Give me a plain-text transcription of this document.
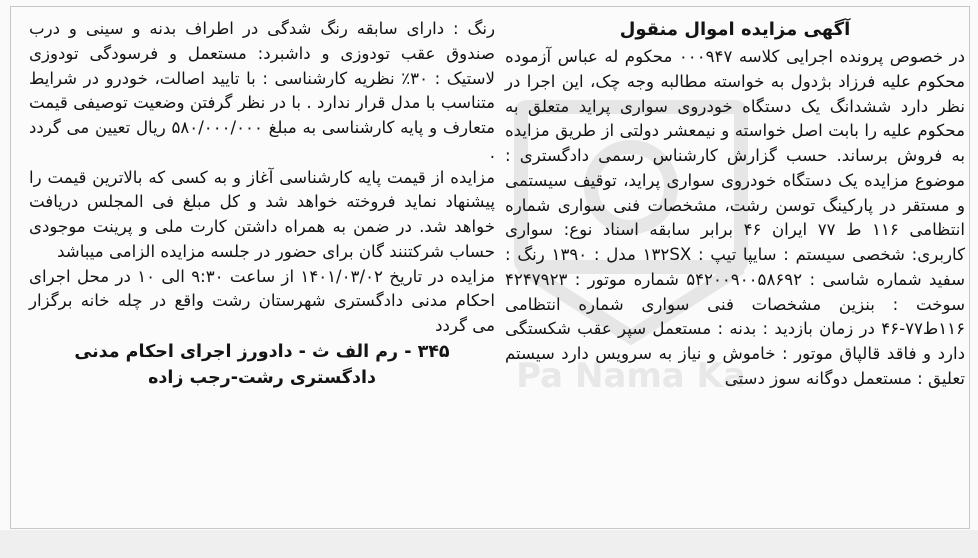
Pa Nama Ka
آگهی مزایده اموال منقول
در خصوص پرونده اجرایی کلاسه ۰۰۰۹۴۷ محکوم له عباس آزموده محکوم علیه فرزاد بژدول به خواسته مطالبه وجه چک، این اجرا در نظر دارد ششدانگ یک دستگاه خودروی سواری پراید متعلق به محکوم علیه را بابت اصل خواسته و نیمعشر دولتی از طریق مزایده به فروش برساند. حسب گزارش کارشناس رسمی دادگستری : موضوع مزایده یک دستگاه خودروی سواری پراید، توقیف سیستمی و مستقر در پارکینگ توسن رشت، مشخصات فنی سواری شماره انتظامی ۱۱۶ ط ۷۷ ایران ۴۶ برابر سابقه اسناد نوع: سواری کاربری: شخصی سیستم : سایپا تیپ : ۱۳۲SX مدل : ۱۳۹۰ رنگ : سفید شماره شاسی : ۵۴۲۰۰۹۰۰۵۸۶۹۲ شماره موتور : ۴۲۴۷۹۲۳ سوخت : بنزین مشخصات فنی سواری شماره انتظامی ۱۱۶ط۷۷-۴۶ در زمان بازدید : بدنه : مستعمل سپر عقب شکستگی دارد و فاقد قالپاق موتور : خاموش و نیاز به سرویس دارد سیستم تعلیق : مستعمل دوگانه سوز دستی
رنگ : دارای سابقه رنگ شدگی در اطراف بدنه و سینی و درب صندوق عقب تودوزی و داشبرد: مستعمل و فرسودگی تودوزی لاستیک : ۳۰٪ نظریه کارشناسی : با تایید اصالت، خودرو در شرایط متناسب با مدل قرار ندارد . با در نظر گرفتن وضعیت توصیفی قیمت متعارف و پایه کارشناسی به مبلغ ۵۸۰/۰۰۰/۰۰۰ ریال تعیین می گردد .
مزایده از قیمت پایه کارشناسی آغاز و به کسی که بالاترین قیمت را پیشنهاد نماید فروخته خواهد شد و کل مبلغ فی المجلس دریافت خواهد شد. در ضمن به همراه داشتن کارت ملی و پرینت موجودی حساب شرکتنند گان برای حضور در جلسه مزایده الزامی میباشد
مزایده در تاریخ ۱۴۰۱/۰۳/۰۲ از ساعت ۹:۳۰ الی ۱۰ در محل اجرای احکام مدنی دادگستری شهرستان رشت واقع در چله خانه برگزار می گردد
۳۴۵ - رم الف ث - دادورز اجرای احکام مدنی
دادگستری رشت-رجب زاده
